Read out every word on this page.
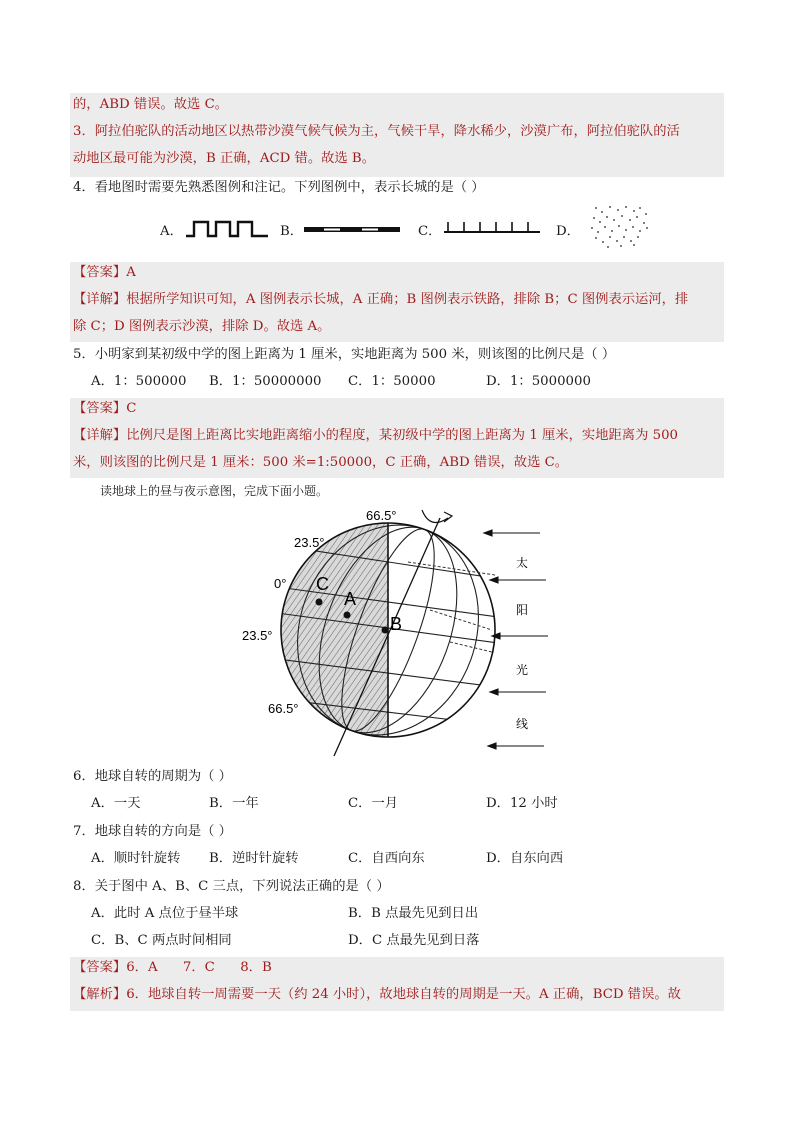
的，ABD 错误。故选 C。
3．阿拉伯驼队的活动地区以热带沙漠气候气候为主，气候干旱，降水稀少，沙漠广布，阿拉伯驼队的活
动地区最可能为沙漠，B 正确，ACD 错。故选 B。
4．看地图时需要先熟悉图例和注记。下列图例中，表示长城的是（ ）
A．	B．	C．	D．
【答案】A
【详解】根据所学知识可知，A 图例表示长城，A 正确；B 图例表示铁路，排除 B；C 图例表示运河，排
除 C；D 图例表示沙漠，排除 D。故选 A。
5．小明家到某初级中学的图上距离为 1 厘米，实地距离为 500 米，则该图的比例尺是（ ）
A．1：500000 B．1：50000000 C．1：50000	D．1：5000000
【答案】C
【详解】比例尺是图上距离比实地距离缩小的程度，某初级中学的图上距离为 1 厘米，实地距离为 500
米，则该图的比例尺是 1 厘米：500 米=1:50000，C 正确，ABD 错误，故选 C。
读地球上的昼与夜示意图，完成下面小题。
66.5°
23.5°
0°
23.5°
66.5°
C
A
B
太
阳
光
线
6．地球自转的周期为（ ）
A．一天	B．一年	C．一月	D．12 小时
7．地球自转的方向是（ ）
A．顺时针旋转 B．逆时针旋转	C．自西向东	D．自东向西
8．关于图中 A、B、C 三点，下列说法正确的是（ ）
A．此时 A 点位于昼半球	B．B 点最先见到日出
C．B、C 两点时间相同	D．C 点最先见到日落
【答案】6．A      7．C      8．B
【解析】6．地球自转一周需要一天（约 24 小时），故地球自转的周期是一天。A 正确，BCD 错误。故
